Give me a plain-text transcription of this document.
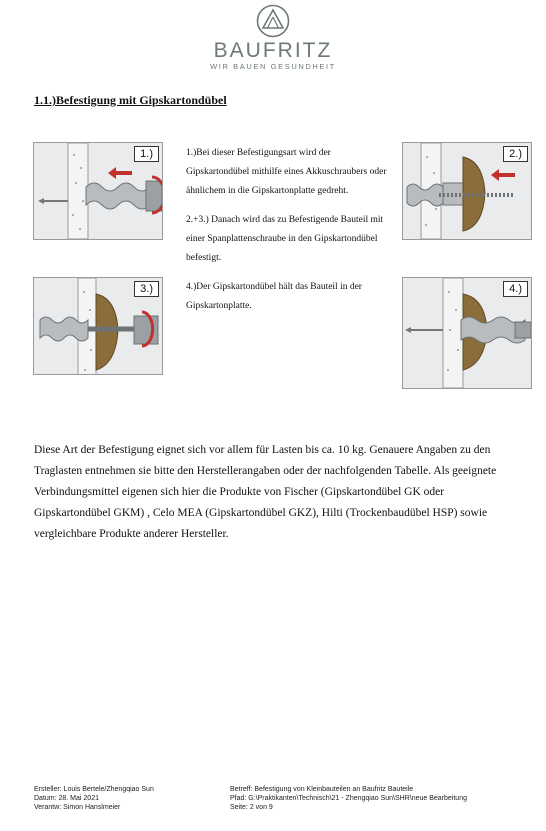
BAUFRITZ
WIR BAUEN GESUNDHEIT
1.1.)Befestigung mit Gipskartondübel
1.)	2.)
3.)	4.)

1.)Bei dieser Befestigungsart wird der Gipskartondübel mithilfe eines Akkuschraubers oder ähnlichem in die Gipskartonplatte gedreht.

2.+3.) Danach wird das zu Befestigende Bauteil mit einer Spanplattenschraube in den Gipskartondübel befestigt.

4.)Der Gipskartondübel hält das Bauteil in der Gipskartonplatte.

Diese Art der Befestigung eignet sich vor allem für Lasten bis ca. 10 kg. Genauere Angaben zu den Traglasten entnehmen sie bitte den Herstellerangaben oder der nachfolgenden Tabelle. Als geeignete Verbindungsmittel eigenen sich hier die Produkte von Fischer (Gipskartondübel GK oder Gipskartondübel GKM) , Celo MEA (Gipskartondübel GKZ), Hilti (Trockenbaudübel HSP) sowie vergleichbare Produkte anderer Hersteller.
Ersteller: Louis Bertele/Zhengqiao Sun	Betreff: Befestigung von Kleinbauteilen an Baufritz Bauteile
Datum: 28. Mai 2021	Pfad: G:\Praktikanten\Technisch\21 - Zhengqiao Sun\SHR\neue Bearbeitung
Verantw: Simon Hanslmeier	Seite: 2 von 9
